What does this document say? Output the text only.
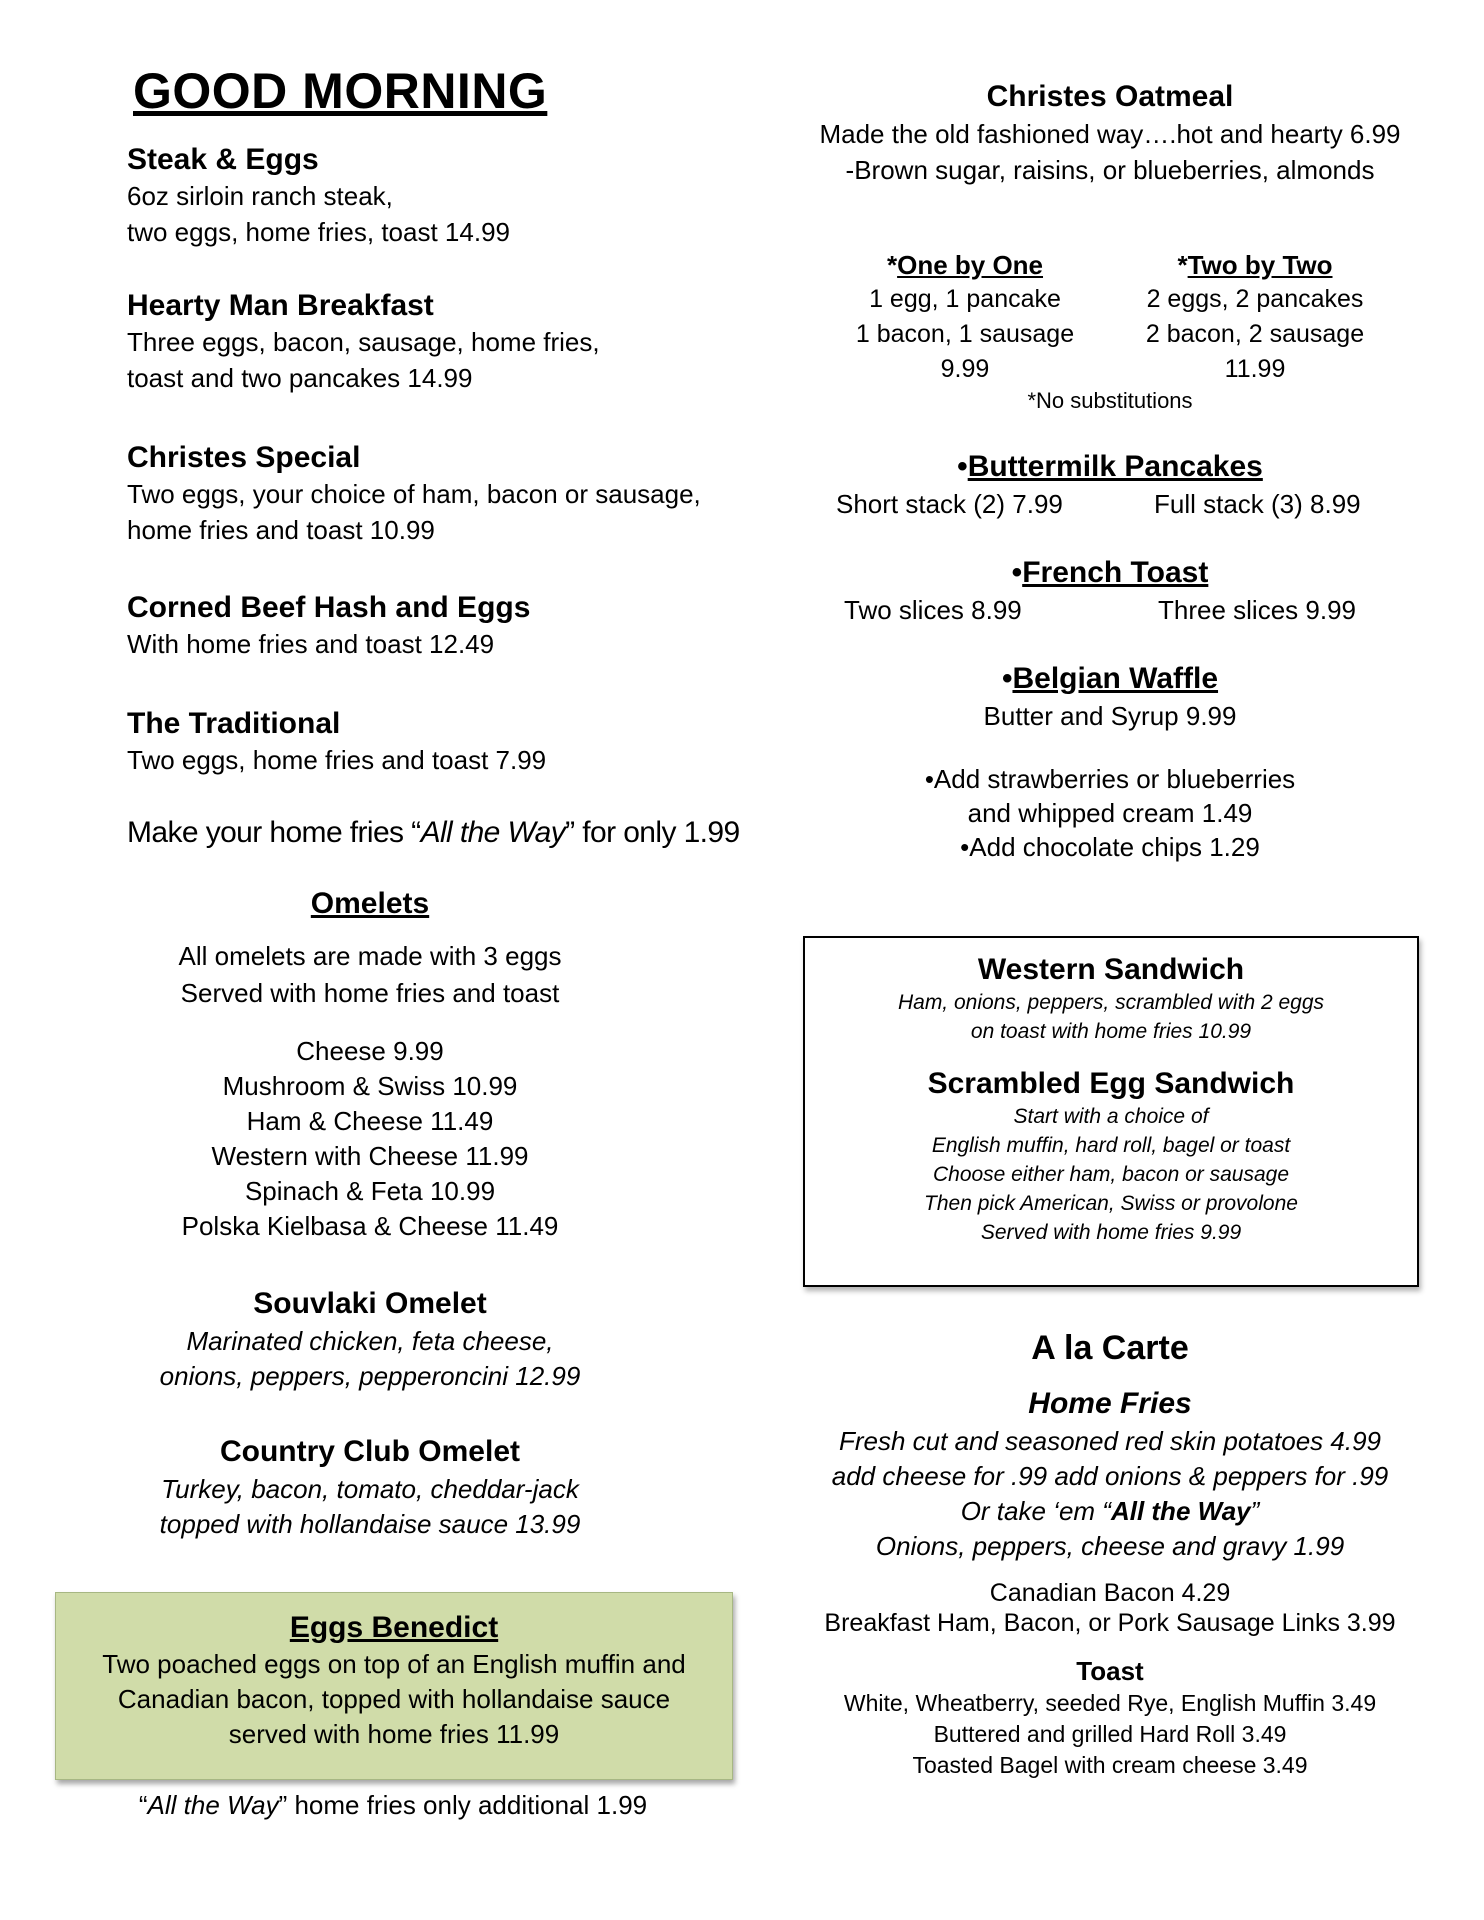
GOOD MORNING
Steak & Eggs
6oz sirloin ranch steak,
two eggs, home fries, toast 14.99
Hearty Man Breakfast
Three eggs, bacon, sausage, home fries,
toast and two pancakes 14.99
Christes Special
Two eggs, your choice of ham, bacon or sausage,
home fries and toast 10.99
Corned Beef Hash and Eggs
With home fries and toast 12.49
The Traditional
Two eggs, home fries and toast 7.99
Make your home fries “All the Way” for only 1.99
Omelets
All omelets are made with 3 eggs
Served with home fries and toast
Cheese 9.99
Mushroom & Swiss 10.99
Ham & Cheese 11.49
Western with Cheese 11.99
Spinach & Feta 10.99
Polska Kielbasa & Cheese 11.49
Souvlaki Omelet
Marinated chicken, feta cheese,
onions, peppers, pepperoncini 12.99
Country Club Omelet
Turkey, bacon, tomato, cheddar-jack
topped with hollandaise sauce 13.99
Eggs Benedict
Two poached eggs on top of an English muffin and
Canadian bacon, topped with hollandaise sauce
served with home fries 11.99
“All the Way” home fries only additional 1.99
Christes Oatmeal
Made the old fashioned way….hot and hearty 6.99
-Brown sugar, raisins, or blueberries, almonds
*One by One
1 egg, 1 pancake
1 bacon, 1 sausage
9.99
*Two by Two
2 eggs, 2 pancakes
2 bacon, 2 sausage
11.99
*No substitutions
•Buttermilk Pancakes
Short stack (2) 7.99	Full stack (3) 8.99
•French Toast
Two slices 8.99	Three slices 9.99
•Belgian Waffle
Butter and Syrup 9.99
•Add strawberries or blueberries
and whipped cream 1.49
•Add chocolate chips 1.29
Western Sandwich
Ham, onions, peppers, scrambled with 2 eggs
on toast with home fries 10.99
Scrambled Egg Sandwich
Start with a choice of
English muffin, hard roll, bagel or toast
Choose either ham, bacon or sausage
Then pick American, Swiss or provolone
Served with home fries 9.99
A la Carte
Home Fries
Fresh cut and seasoned red skin potatoes 4.99
add cheese for .99 add onions & peppers for .99
Or take ‘em “All the Way”
Onions, peppers, cheese and gravy 1.99
Canadian Bacon 4.29
Breakfast Ham, Bacon, or Pork Sausage Links 3.99
Toast
White, Wheatberry, seeded Rye, English Muffin 3.49
Buttered and grilled Hard Roll 3.49
Toasted Bagel with cream cheese 3.49
